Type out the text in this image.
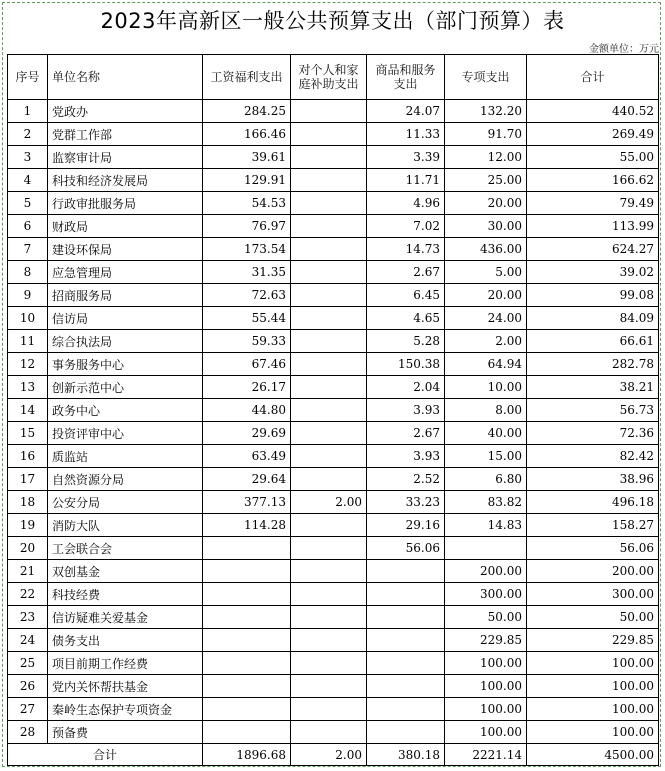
2023年高新区一般公共预算支出（部门预算）表
金额单位：万元
序号	单位名称	工资福利支出	对个人和家庭补助支出	商品和服务支出	专项支出	合计
1	党政办	284.25		24.07	132.20	440.52
2	党群工作部	166.46		11.33	91.70	269.49
3	监察审计局	39.61		3.39	12.00	55.00
4	科技和经济发展局	129.91		11.71	25.00	166.62
5	行政审批服务局	54.53		4.96	20.00	79.49
6	财政局	76.97		7.02	30.00	113.99
7	建设环保局	173.54		14.73	436.00	624.27
8	应急管理局	31.35		2.67	5.00	39.02
9	招商服务局	72.63		6.45	20.00	99.08
10	信访局	55.44		4.65	24.00	84.09
11	综合执法局	59.33		5.28	2.00	66.61
12	事务服务中心	67.46		150.38	64.94	282.78
13	创新示范中心	26.17		2.04	10.00	38.21
14	政务中心	44.80		3.93	8.00	56.73
15	投资评审中心	29.69		2.67	40.00	72.36
16	质监站	63.49		3.93	15.00	82.42
17	自然资源分局	29.64		2.52	6.80	38.96
18	公安分局	377.13	2.00	33.23	83.82	496.18
19	消防大队	114.28		29.16	14.83	158.27
20	工会联合会			56.06		56.06
21	双创基金				200.00	200.00
22	科技经费				300.00	300.00
23	信访疑难关爱基金				50.00	50.00
24	债务支出				229.85	229.85
25	项目前期工作经费				100.00	100.00
26	党内关怀帮扶基金				100.00	100.00
27	秦岭生态保护专项资金				100.00	100.00
28	预备费				100.00	100.00
合计		1896.68	2.00	380.18	2221.14	4500.00
